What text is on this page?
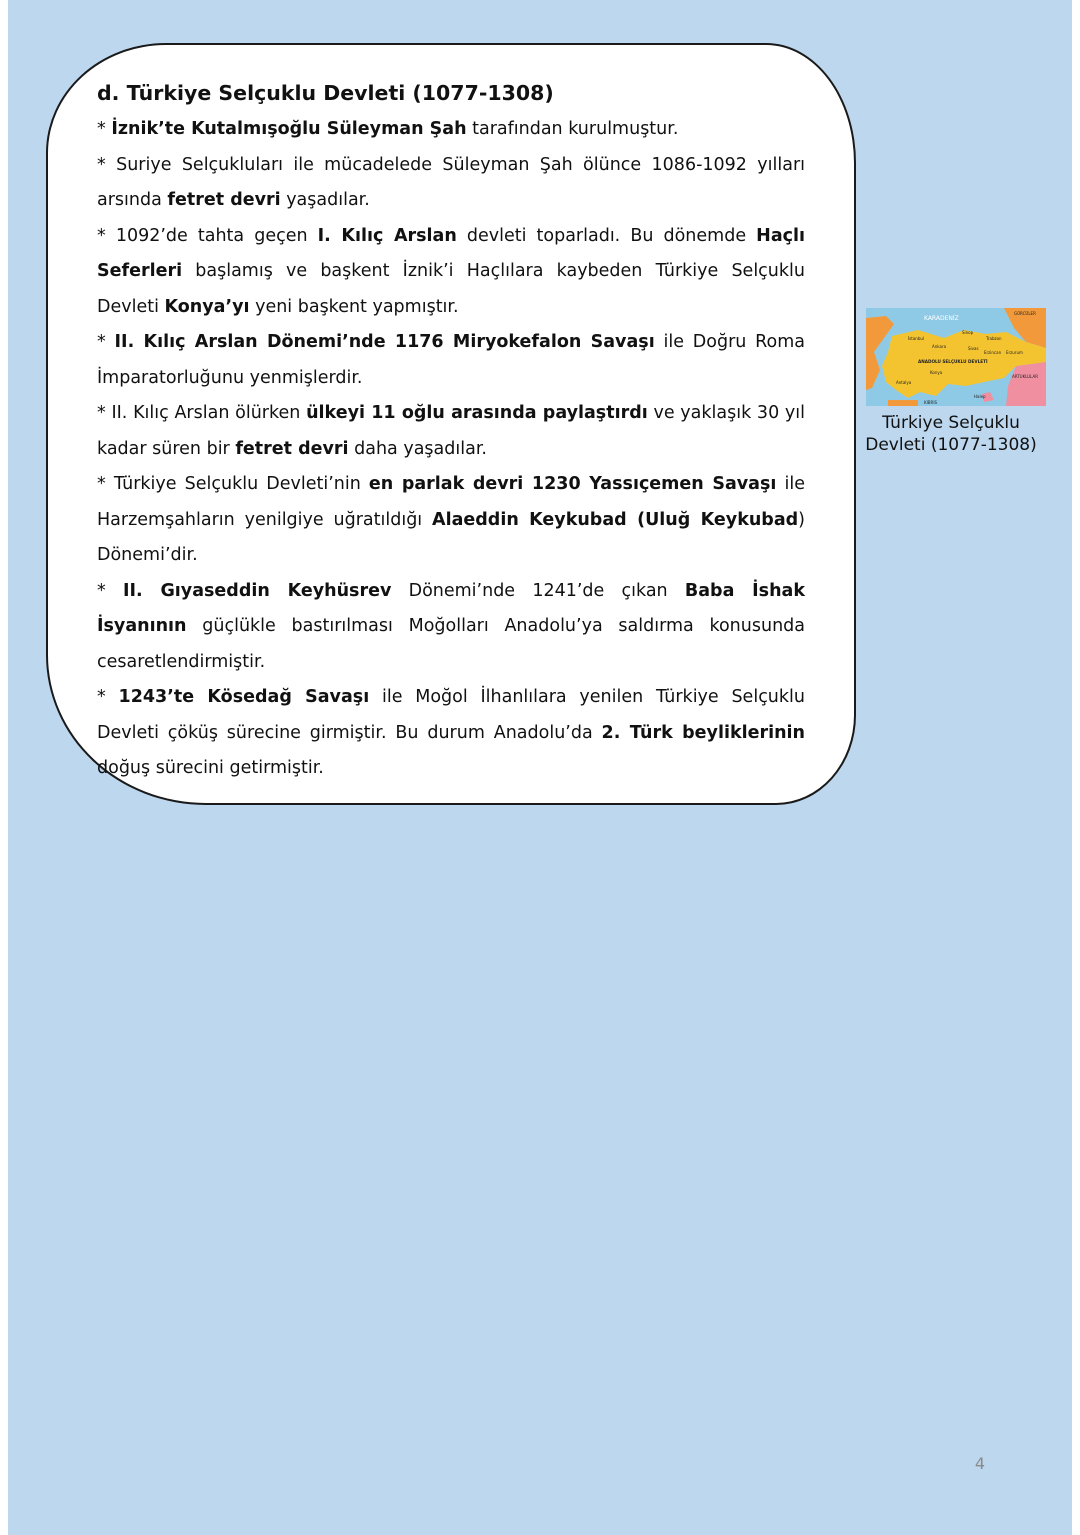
d. Türkiye Selçuklu Devleti (1077-1308)

* İznik’te Kutalmışoğlu Süleyman Şah tarafından kurulmuştur.

* Suriye Selçukluları ile mücadelede Süleyman Şah ölünce 1086-1092 yılları arsında fetret devri yaşadılar.

* 1092’de tahta geçen I. Kılıç Arslan devleti toparladı. Bu dönemde Haçlı Seferleri başlamış ve başkent İznik’i Haçlılara kaybeden Türkiye Selçuklu Devleti Konya’yı yeni başkent yapmıştır.

* II. Kılıç Arslan Dönemi’nde 1176 Miryokefalon Savaşı ile Doğru Roma İmparatorluğunu yenmişlerdir.

* II. Kılıç Arslan ölürken ülkeyi 11 oğlu arasında paylaştırdı ve yaklaşık 30 yıl kadar süren bir fetret devri daha yaşadılar.

* Türkiye Selçuklu Devleti’nin en parlak devri 1230 Yassıçemen Savaşı ile Harzemşahların yenilgiye uğratıldığı Alaeddin Keykubad (Uluğ Keykubad) Dönemi’dir.

* II. Gıyaseddin Keyhüsrev Dönemi’nde 1241’de çıkan Baba İshak İsyanının güçlükle bastırılması Moğolları Anadolu’ya saldırma konusunda cesaretlendirmiştir.

* 1243’te Kösedağ Savaşı ile Moğol İlhanlılara yenilen Türkiye Selçuklu Devleti çöküş sürecine girmiştir. Bu durum Anadolu’da 2. Türk beyliklerinin doğuş sürecini getirmiştir.

KARADENİZ
GÜRCÜLER
İstanbul
Sinop
Trabzon
Ankara	Sivas
Erzincan Erzurum
ANADOLU SELÇUKLU DEVLETİ
Konya
Antalya
ARTUKLULAR
Halep
KIBRIS
Türkiye Selçuklu Devleti (1077-1308)
4
